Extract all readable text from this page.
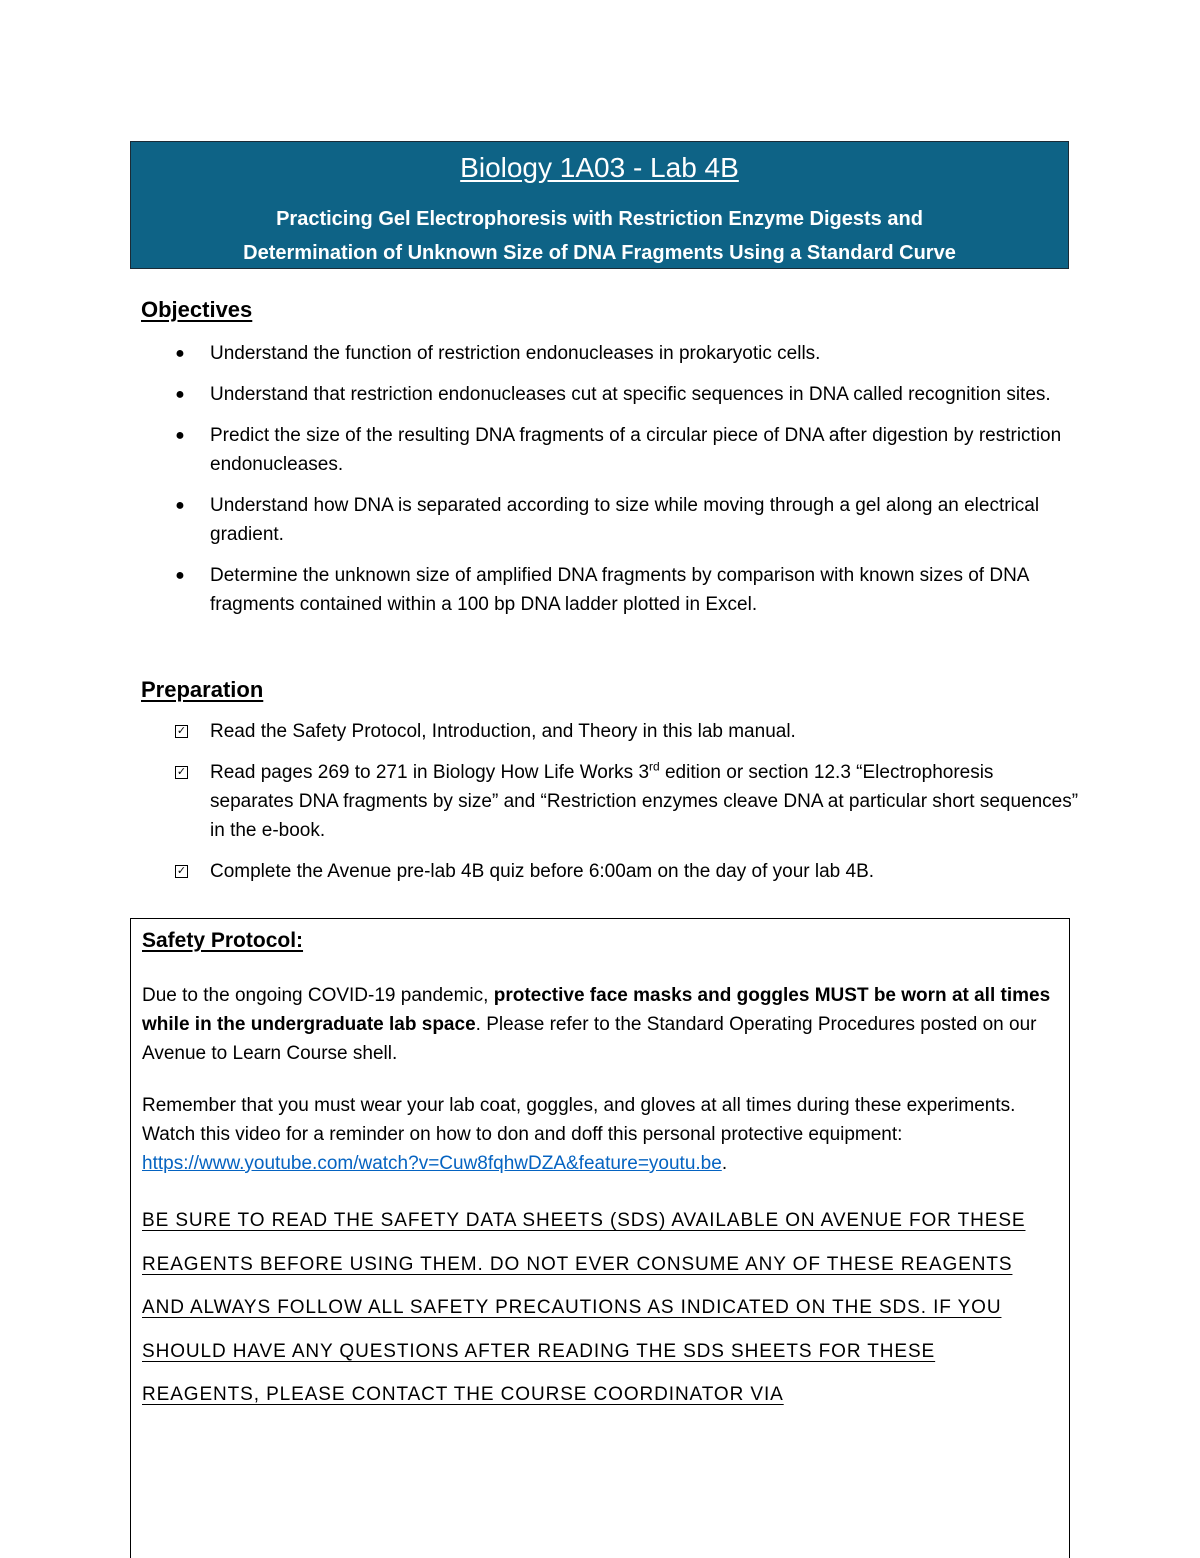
Biology 1A03 - Lab 4B
Practicing Gel Electrophoresis with Restriction Enzyme Digests and
Determination of Unknown Size of DNA Fragments Using a Standard Curve
Objectives
● Understand the function of restriction endonucleases in prokaryotic cells.
● Understand that restriction endonucleases cut at specific sequences in DNA called recognition sites.
● Predict the size of the resulting DNA fragments of a circular piece of DNA after digestion by restriction endonucleases.
● Understand how DNA is separated according to size while moving through a gel along an electrical gradient.
● Determine the unknown size of amplified DNA fragments by comparison with known sizes of DNA fragments contained within a 100 bp DNA ladder plotted in Excel.
Preparation
✓ Read the Safety Protocol, Introduction, and Theory in this lab manual.
✓ Read pages 269 to 271 in Biology How Life Works 3rd edition or section 12.3 “Electrophoresis separates DNA fragments by size” and “Restriction enzymes cleave DNA at particular short sequences” in the e-book.
✓ Complete the Avenue pre-lab 4B quiz before 6:00am on the day of your lab 4B.
Safety Protocol:
Due to the ongoing COVID-19 pandemic, protective face masks and goggles MUST be worn at all times while in the undergraduate lab space. Please refer to the Standard Operating Procedures posted on our Avenue to Learn Course shell.
Remember that you must wear your lab coat, goggles, and gloves at all times during these experiments. Watch this video for a reminder on how to don and doff this personal protective equipment: https://www.youtube.com/watch?v=Cuw8fqhwDZA&feature=youtu.be.
BE SURE TO READ THE SAFETY DATA SHEETS (SDS) AVAILABLE ON AVENUE FOR THESE REAGENTS BEFORE USING THEM. DO NOT EVER CONSUME ANY OF THESE REAGENTS AND ALWAYS FOLLOW ALL SAFETY PRECAUTIONS AS INDICATED ON THE SDS. IF YOU SHOULD HAVE ANY QUESTIONS AFTER READING THE SDS SHEETS FOR THESE REAGENTS, PLEASE CONTACT THE COURSE COORDINATOR VIA
